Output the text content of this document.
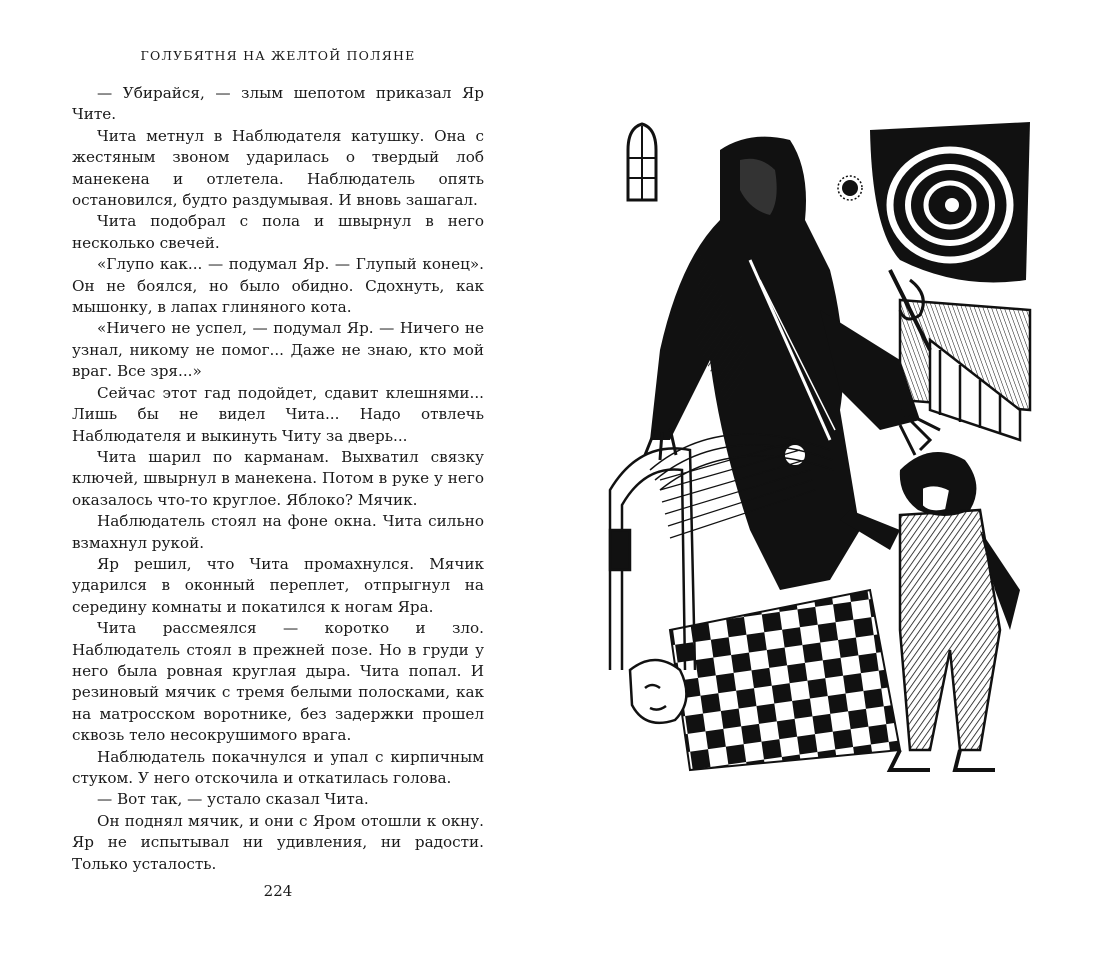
ГОЛУБЯТНЯ НА ЖЕЛТОЙ ПОЛЯНЕ

— Убирайся, — злым шепотом приказал Яр Чите.

Чита метнул в Наблюдателя катушку. Она с жестяным звоном ударилась о твердый лоб манекена и отлетела. Наблюдатель опять остановился, будто раздумывая. И вновь зашагал.

Чита подобрал с пола и швырнул в него несколько свечей.

«Глупо как... — подумал Яр. — Глупый конец». Он не боялся, но было обидно. Сдохнуть, как мышонку, в лапах глиняного кота.

«Ничего не успел, — подумал Яр. — Ничего не узнал, никому не помог... Даже не знаю, кто мой враг. Все зря...»

Сейчас этот гад подойдет, сдавит клешнями... Лишь бы не видел Чита... Надо отвлечь Наблюдателя и выкинуть Читу за дверь...

Чита шарил по карманам. Выхватил связку ключей, швырнул в манекена. Потом в руке у него оказалось что-то круглое. Яблоко? Мячик.

Наблюдатель стоял на фоне окна. Чита сильно взмахнул рукой.

Яр решил, что Чита промахнулся. Мячик ударился в оконный переплет, отпрыгнул на середину комнаты и покатился к ногам Яра.

Чита рассмеялся — коротко и зло. Наблюдатель стоял в прежней позе. Но в груди у него была ровная круглая дыра. Чита попал. И резиновый мячик с тремя белыми полосками, как на матросском воротнике, без задержки прошел сквозь тело несокрушимого врага.

Наблюдатель покачнулся и упал с кирпичным стуком. У него отскочила и откатилась голова.

— Вот так, — устало сказал Чита.

Он поднял мячик, и они с Яром отошли к окну. Яр не испытывал ни удивления, ни радости. Только усталость.

224
